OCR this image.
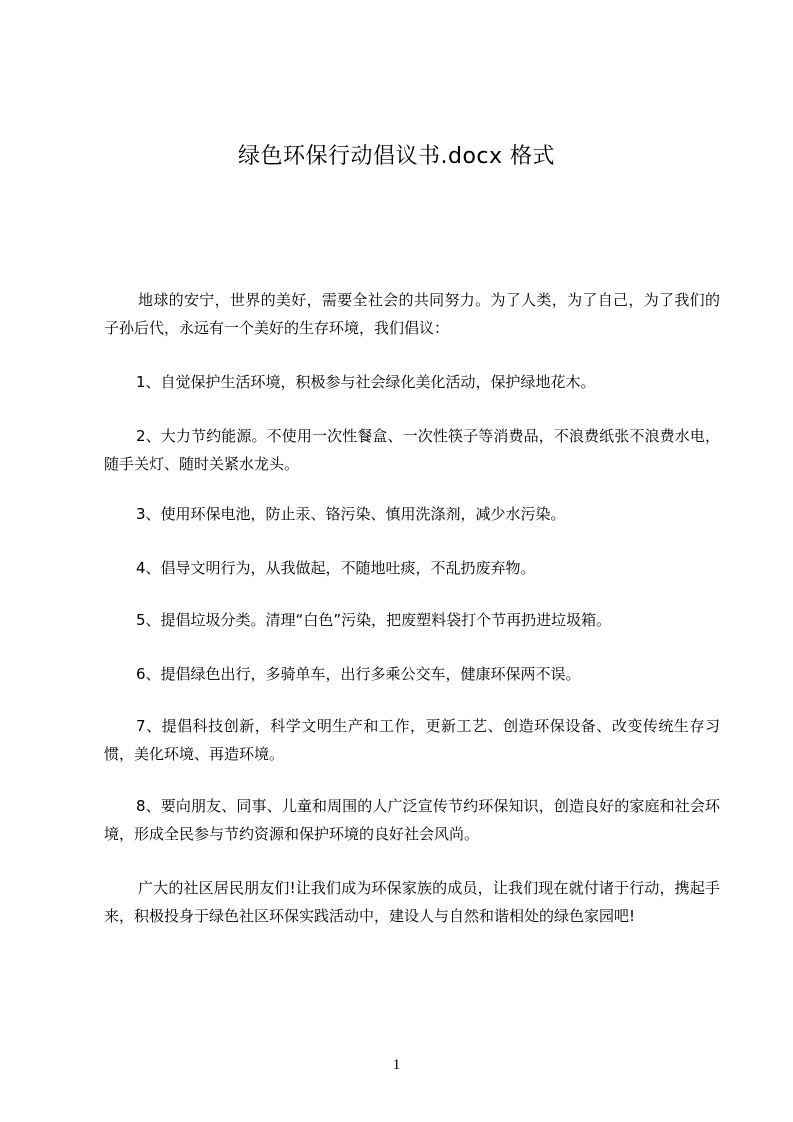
绿色环保行动倡议书.docx 格式
地球的安宁，世界的美好，需要全社会的共同努力。为了人类，为了自己，为了我们的子孙后代，永远有一个美好的生存环境，我们倡议：
1、自觉保护生活环境，积极参与社会绿化美化活动，保护绿地花木。
2、大力节约能源。不使用一次性餐盒、一次性筷子等消费品，不浪费纸张不浪费水电，随手关灯、随时关紧水龙头。
3、使用环保电池，防止汞、铬污染、慎用洗涤剂，减少水污染。
4、倡导文明行为，从我做起，不随地吐痰，不乱扔废弃物。
5、提倡垃圾分类。清理“白色”污染，把废塑料袋打个节再扔进垃圾箱。
6、提倡绿色出行，多骑单车，出行多乘公交车，健康环保两不误。
7、提倡科技创新，科学文明生产和工作，更新工艺、创造环保设备、改变传统生存习惯，美化环境、再造环境。
8、要向朋友、同事、儿童和周围的人广泛宣传节约环保知识，创造良好的家庭和社会环境，形成全民参与节约资源和保护环境的良好社会风尚。
广大的社区居民朋友们!让我们成为环保家族的成员，让我们现在就付诸于行动，携起手来，积极投身于绿色社区环保实践活动中，建设人与自然和谐相处的绿色家园吧!
1
